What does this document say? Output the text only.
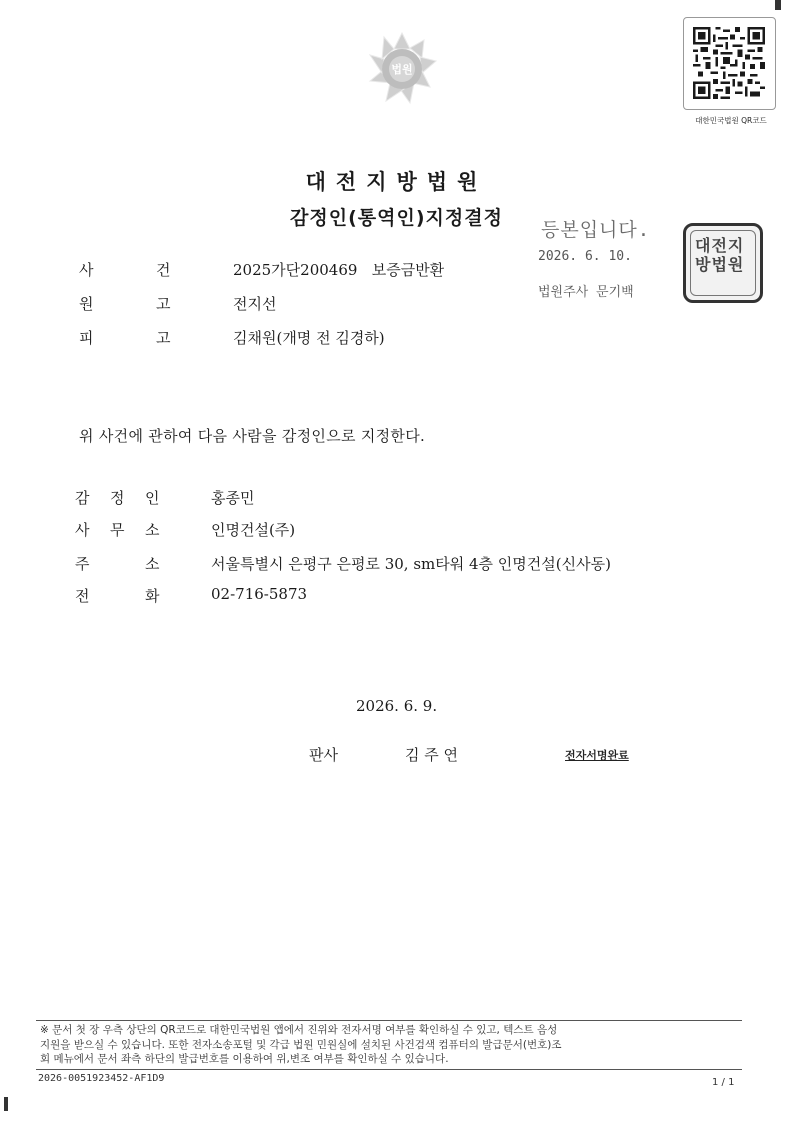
대한민국법원 QR코드
법원
대전지방법원
감정인(통역인)지정결정
등본입니다.
2026. 6. 10.
법원주사 문기백
대전지방법원
사	건	2025가단200469   보증금반환
원	고	전지선
피	고	김채원(개명 전 김경하)
위 사건에 관하여 다음 사람을 감정인으로 지정한다.
감 정 인	홍종민
사 무 소	인명건설(주)
주	소	서울특별시 은평구 은평로 30, sm타워 4층 인명건설(신사동)
전	화	02-716-5873
2026. 6. 9.
판사	김 주 연	전자서명완료
※ 문서 첫 장 우측 상단의 QR코드로 대한민국법원 앱에서 진위와 전자서명 여부를 확인하실 수 있고, 텍스트 음성
지원을 받으실 수 있습니다. 또한 전자소송포털 및 각급 법원 민원실에 설치된 사건검색 컴퓨터의 발급문서(번호)조
회 메뉴에서 문서 좌측 하단의 발급번호를 이용하여 위,변조 여부를 확인하실 수 있습니다.
2026-0051923452-AF1D9	1 / 1
